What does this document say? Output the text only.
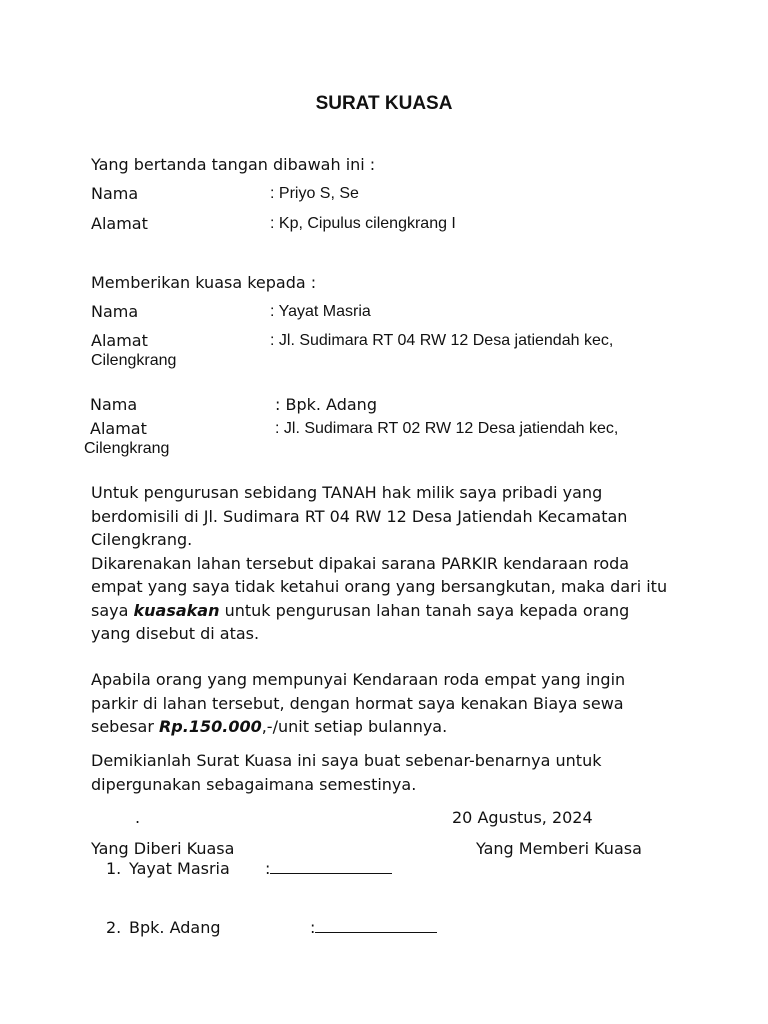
SURAT KUASA
Yang bertanda tangan dibawah ini :
Nama	: Priyo S, Se
Alamat	: Kp, Cipulus cilengkrang I
Memberikan kuasa kepada :
Nama	: Yayat Masria
Alamat	: Jl. Sudimara RT 04 RW 12 Desa jatiendah kec,
Cilengkrang
Nama	: Bpk. Adang
Alamat	: Jl. Sudimara RT 02 RW 12 Desa jatiendah kec,
Cilengkrang

Untuk pengurusan sebidang TANAH hak milik saya pribadi yang

berdomisili di Jl. Sudimara RT 04 RW 12 Desa Jatiendah Kecamatan

Cilengkrang.

Dikarenakan lahan tersebut dipakai sarana PARKIR kendaraan roda

empat yang saya tidak ketahui orang yang bersangkutan, maka dari itu

saya kuasakan untuk pengurusan lahan tanah saya kepada orang

yang disebut di atas.

Apabila orang yang mempunyai Kendaraan roda empat yang ingin

parkir di lahan tersebut, dengan hormat saya kenakan Biaya sewa

sebesar Rp.150.000,-/unit setiap bulannya.

Demikianlah Surat Kuasa ini saya buat sebenar-benarnya untuk

dipergunakan sebagaimana semestinya.

.	20 Agustus, 2024
Yang Diberi Kuasa	Yang Memberi Kuasa
1. Yayat Masria :
2. Bpk. Adang	:
